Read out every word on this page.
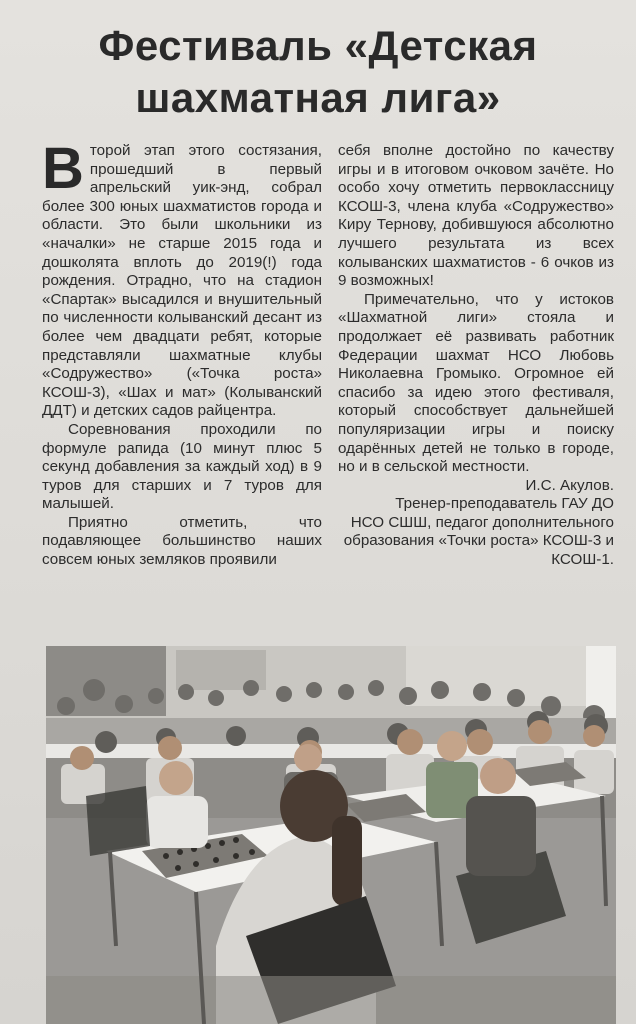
Фестиваль «Детская
шахматная лига»

Второй этап этого состязания, прошедший в первый апрельский уик-энд, собрал более 300 юных шахматистов города и области. Это были школьники из «началки» не старше 2015 года и дошколята вплоть до 2019(!) года рождения. Отрадно, что на стадион «Спартак» высадился и внушительный по численности колыванский десант из более чем двадцати ребят, которые представляли шахматные клубы «Содружество» («Точка роста» КСОШ-3), «Шах и мат» (Колыванский ДДТ) и детских садов райцентра.

Соревнования проходили по формуле рапида (10 минут плюс 5 секунд добавления за каждый ход) в 9 туров для старших и 7 туров для малышей.

Приятно отметить, что подавляющее большинство наших совсем юных земляков проявили

себя вполне достойно по качеству игры и в итоговом очковом зачёте. Но особо хочу отметить первоклассницу КСОШ-3, члена клуба «Содружество» Киру Тернову, добившуюся абсолютно лучшего результата из всех колыванских шахматистов - 6 очков из 9 возможных!

Примечательно, что у истоков «Шахматной лиги» стояла и продолжает её развивать работник Федерации шахмат НСО Любовь Николаевна Громыко. Огромное ей спасибо за идею этого фестиваля, который способствует дальнейшей популяризации игры и поиску одарённых детей не только в городе, но и в сельской местности.

И.С. Акулов.

Тренер-преподаватель ГАУ ДО НСО СШШ, педагог дополнительного образования «Точки роста» КСОШ-3 и КСОШ-1.
